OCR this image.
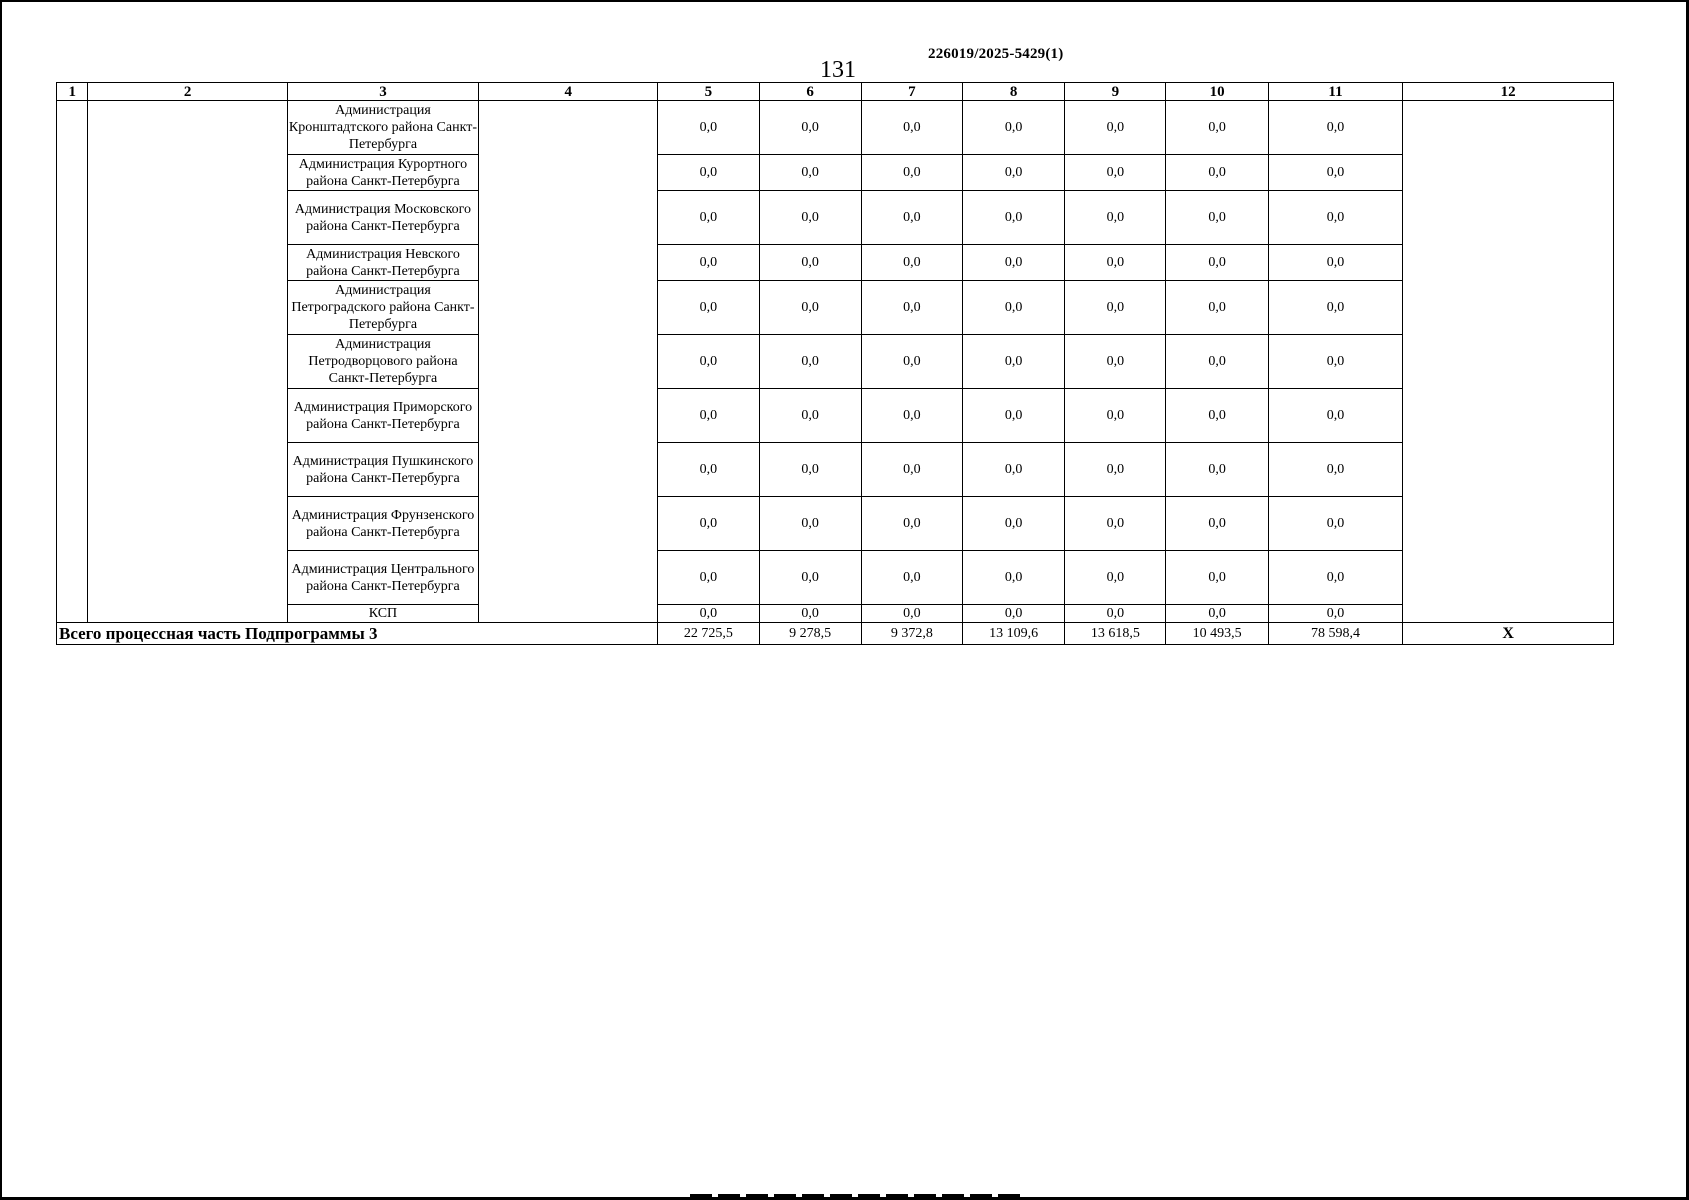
226019/2025-5429(1)
131
1	2	3	4	5	6	7	8	9	10	11	12
		Администрация Кронштадтского района Санкт-Петербурга		0,0	0,0	0,0	0,0	0,0	0,0	0,0	
		Администрация Курортного района Санкт-Петербурга		0,0	0,0	0,0	0,0	0,0	0,0	0,0	
		Администрация Московского района Санкт-Петербурга		0,0	0,0	0,0	0,0	0,0	0,0	0,0	
		Администрация Невского района Санкт-Петербурга		0,0	0,0	0,0	0,0	0,0	0,0	0,0	
		Администрация Петроградского района Санкт-Петербурга		0,0	0,0	0,0	0,0	0,0	0,0	0,0	
		Администрация Петродворцового района Санкт-Петербурга		0,0	0,0	0,0	0,0	0,0	0,0	0,0	
		Администрация Приморского района Санкт-Петербурга		0,0	0,0	0,0	0,0	0,0	0,0	0,0	
		Администрация Пушкинского района Санкт-Петербурга		0,0	0,0	0,0	0,0	0,0	0,0	0,0	
		Администрация Фрунзенского района Санкт-Петербурга		0,0	0,0	0,0	0,0	0,0	0,0	0,0	
		Администрация Центрального района Санкт-Петербурга		0,0	0,0	0,0	0,0	0,0	0,0	0,0	
		КСП		0,0	0,0	0,0	0,0	0,0	0,0	0,0	
Всего процессная часть Подпрограммы 3				22 725,5	9 278,5	9 372,8	13 109,6	13 618,5	10 493,5	78 598,4	Х
